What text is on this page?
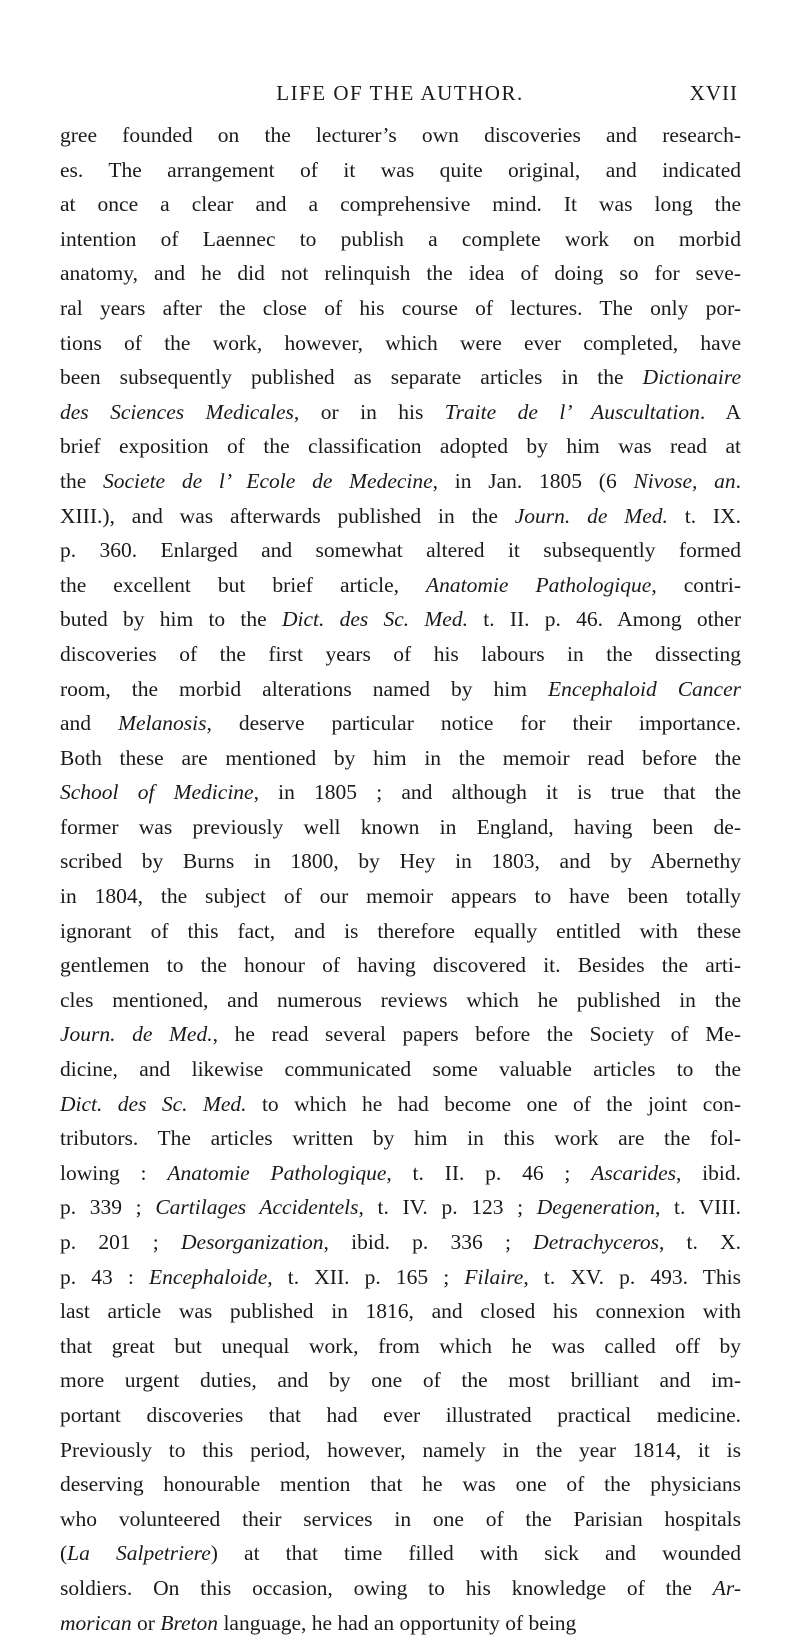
LIFE OF THE AUTHOR.	XVII
gree founded on the lecturer’s own discoveries and research-
es. The arrangement of it was quite original, and indicated
at once a clear and a comprehensive mind. It was long the
intention of Laennec to publish a complete work on morbid
anatomy, and he did not relinquish the idea of doing so for seve-
ral years after the close of his course of lectures. The only por-
tions of the work, however, which were ever completed, have
been subsequently published as separate articles in the Dictionaire
des Sciences Medicales, or in his Traite de l’ Auscultation. A
brief exposition of the classification adopted by him was read at
the Societe de l’ Ecole de Medecine, in Jan. 1805 (6 Nivose, an.
XIII.), and was afterwards published in the Journ. de Med. t. IX.
p. 360. Enlarged and somewhat altered it subsequently formed
the excellent but brief article, Anatomie Pathologique, contri-
buted by him to the Dict. des Sc. Med. t. II. p. 46. Among other
discoveries of the first years of his labours in the dissecting
room, the morbid alterations named by him Encephaloid Cancer
and Melanosis, deserve particular notice for their importance.
Both these are mentioned by him in the memoir read before the
School of Medicine, in 1805 ; and although it is true that the
former was previously well known in England, having been de-
scribed by Burns in 1800, by Hey in 1803, and by Abernethy
in 1804, the subject of our memoir appears to have been totally
ignorant of this fact, and is therefore equally entitled with these
gentlemen to the honour of having discovered it. Besides the arti-
cles mentioned, and numerous reviews which he published in the
Journ. de Med., he read several papers before the Society of Me-
dicine, and likewise communicated some valuable articles to the
Dict. des Sc. Med. to which he had become one of the joint con-
tributors. The articles written by him in this work are the fol-
lowing : Anatomie Pathologique, t. II. p. 46 ; Ascarides, ibid.
p. 339 ; Cartilages Accidentels, t. IV. p. 123 ; Degeneration, t. VIII.
p. 201 ; Desorganization, ibid. p. 336 ; Detrachyceros, t. X.
p. 43 : Encephaloide, t. XII. p. 165 ; Filaire, t. XV. p. 493. This
last article was published in 1816, and closed his connexion with
that great but unequal work, from which he was called off by
more urgent duties, and by one of the most brilliant and im-
portant discoveries that had ever illustrated practical medicine.
Previously to this period, however, namely in the year 1814, it is
deserving honourable mention that he was one of the physicians
who volunteered their services in one of the Parisian hospitals
(La Salpetriere) at that time filled with sick and wounded
soldiers. On this occasion, owing to his knowledge of the Ar-
morican or Breton language, he had an opportunity of being
